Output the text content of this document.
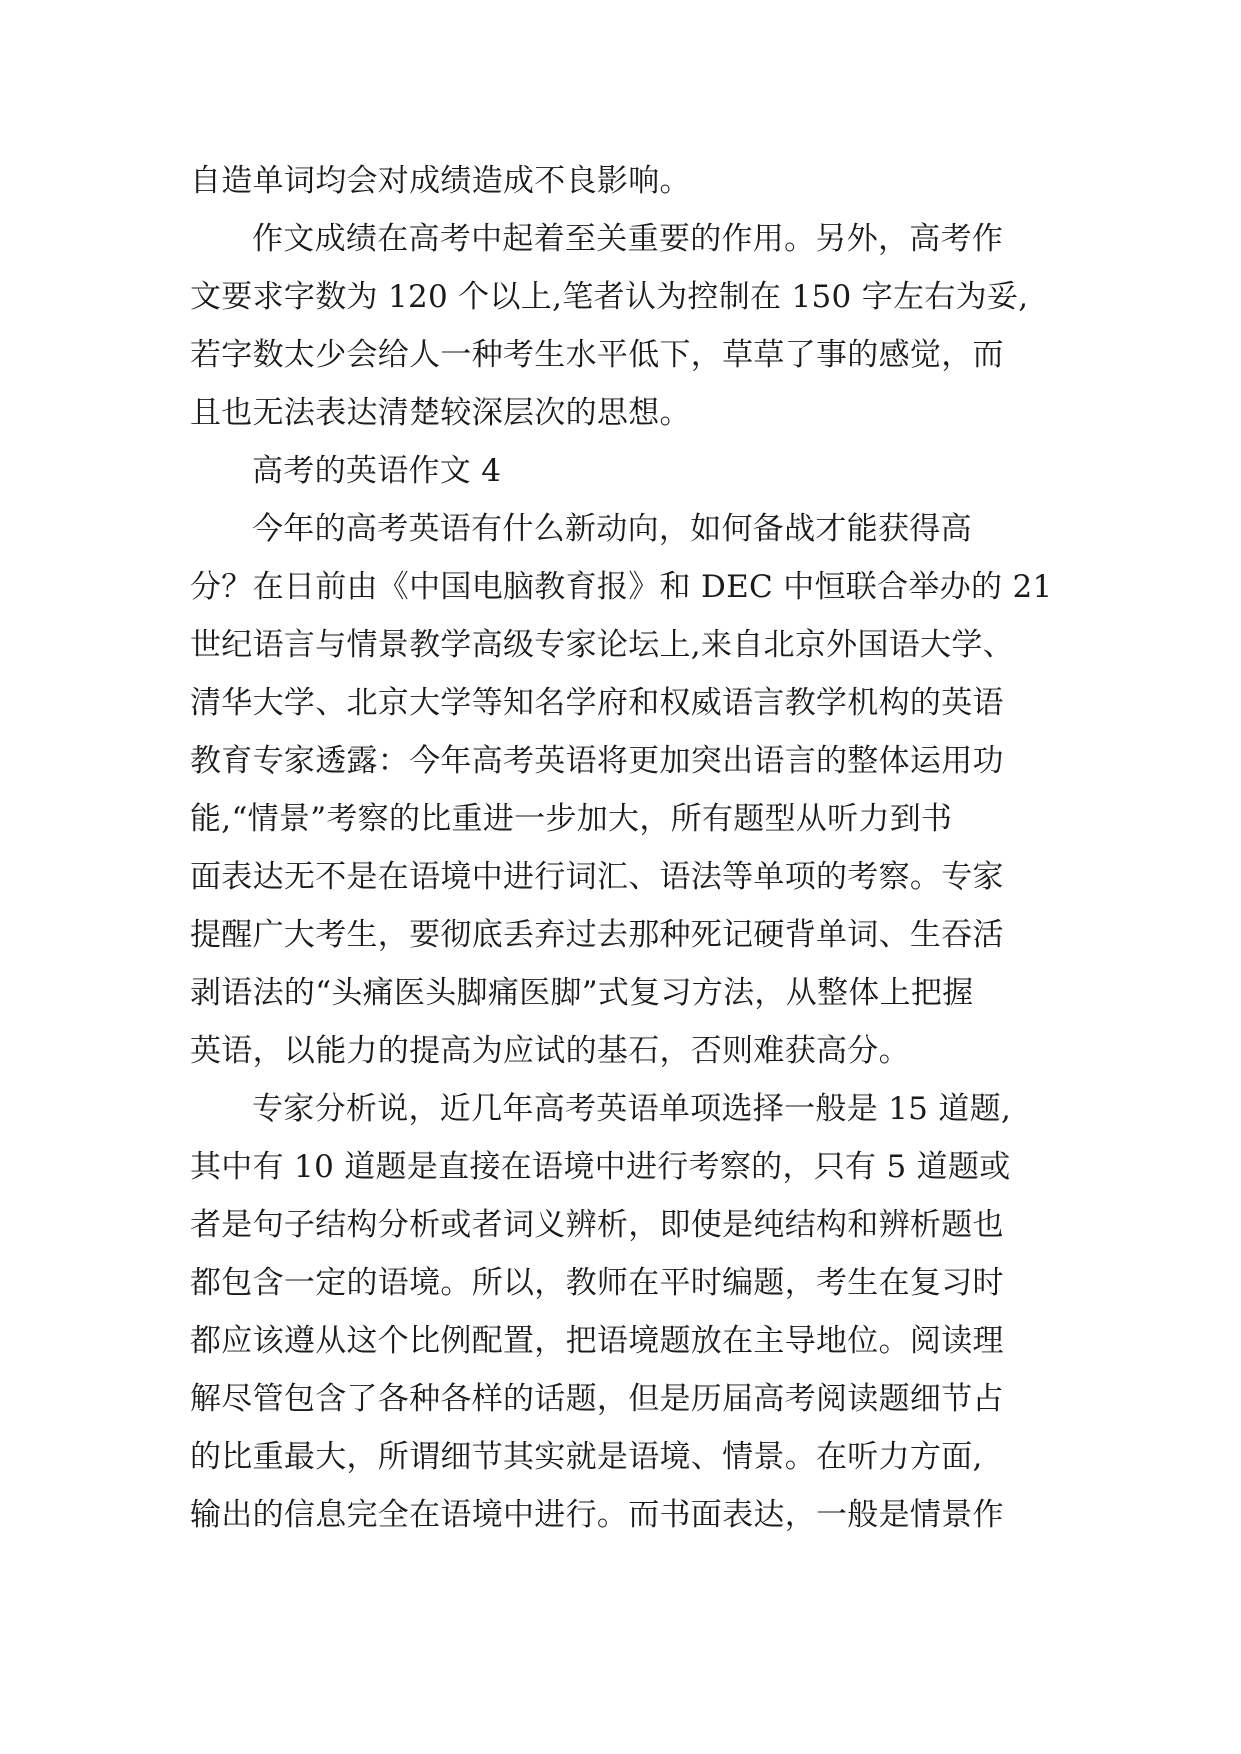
自造单词均会对成绩造成不良影响。
作文成绩在高考中起着至关重要的作用。另外，高考作
文要求字数为 120 个以上,笔者认为控制在 150 字左右为妥,
若字数太少会给人一种考生水平低下，草草了事的感觉，而
且也无法表达清楚较深层次的思想。
高考的英语作文 4
今年的高考英语有什么新动向，如何备战才能获得高
分？在日前由《中国电脑教育报》和 DEC 中恒联合举办的 21
世纪语言与情景教学高级专家论坛上,来自北京外国语大学、
清华大学、北京大学等知名学府和权威语言教学机构的英语
教育专家透露：今年高考英语将更加突出语言的整体运用功
能,“情景”考察的比重进一步加大，所有题型从听力到书
面表达无不是在语境中进行词汇、语法等单项的考察。专家
提醒广大考生，要彻底丢弃过去那种死记硬背单词、生吞活
剥语法的“头痛医头脚痛医脚”式复习方法，从整体上把握
英语，以能力的提高为应试的基石，否则难获高分。
专家分析说，近几年高考英语单项选择一般是 15 道题,
其中有 10 道题是直接在语境中进行考察的，只有 5 道题或
者是句子结构分析或者词义辨析，即使是纯结构和辨析题也
都包含一定的语境。所以，教师在平时编题，考生在复习时
都应该遵从这个比例配置，把语境题放在主导地位。阅读理
解尽管包含了各种各样的话题，但是历届高考阅读题细节占
的比重最大，所谓细节其实就是语境、情景。在听力方面,
输出的信息完全在语境中进行。而书面表达，一般是情景作
